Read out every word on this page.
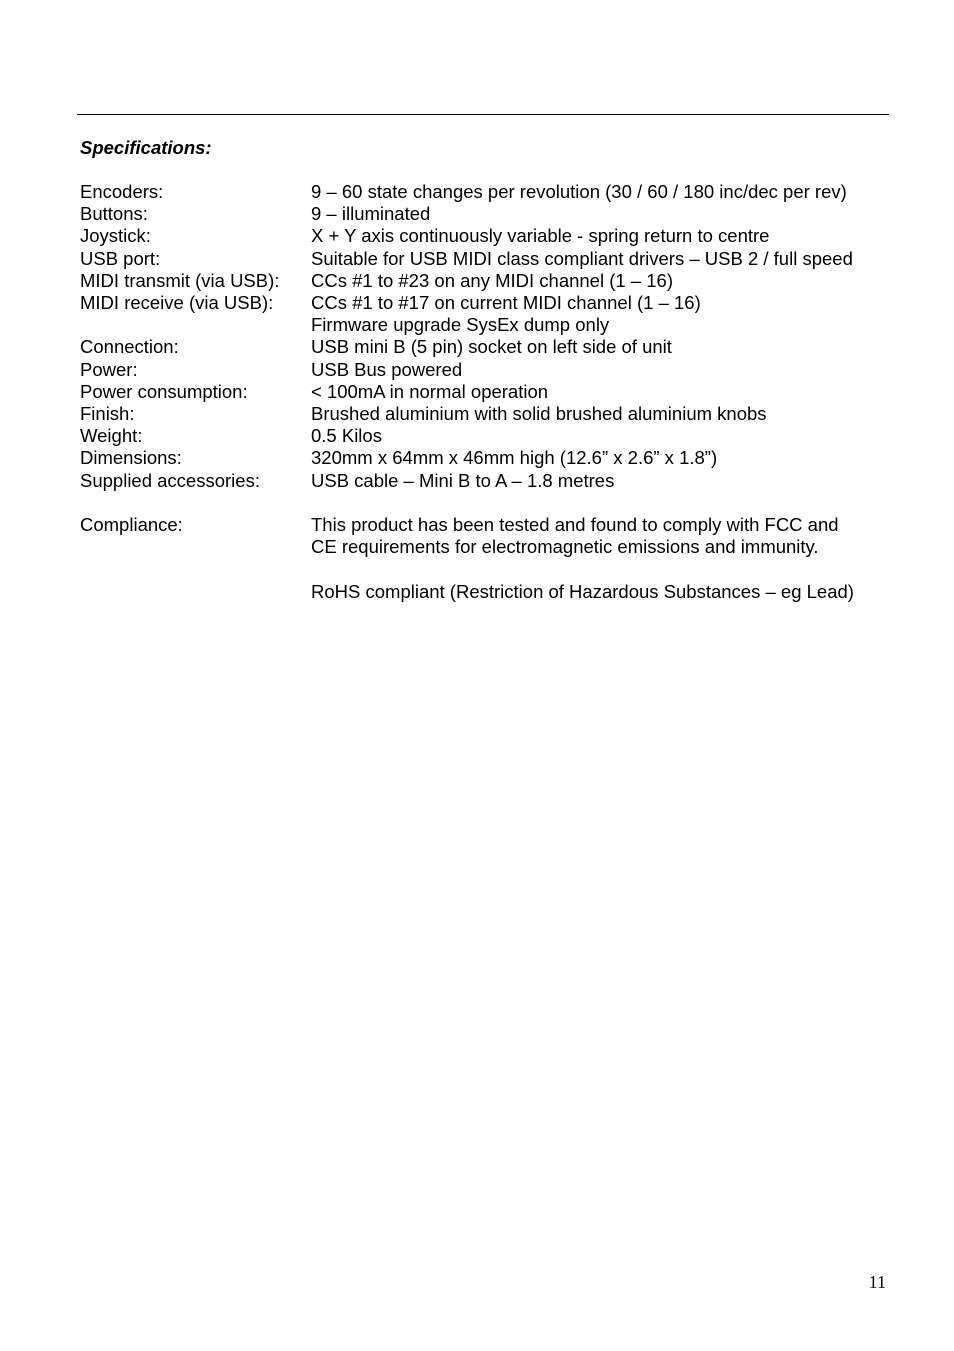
Specifications:
Encoders:	9 – 60 state changes per revolution (30 / 60 / 180 inc/dec per rev)
Buttons:	9 – illuminated
Joystick:	X + Y axis continuously variable - spring return to centre
USB port:	Suitable for USB MIDI class compliant drivers – USB 2 / full speed
MIDI transmit (via USB):	CCs #1 to #23 on any MIDI channel (1 – 16)
MIDI receive (via USB):	CCs #1 to #17 on current MIDI channel (1 – 16)
Firmware upgrade SysEx dump only
Connection:	USB mini B (5 pin) socket on left side of unit
Power:	USB Bus powered
Power consumption:	< 100mA in normal operation
Finish:	Brushed aluminium with solid brushed aluminium knobs
Weight:	0.5 Kilos
Dimensions:	320mm x 64mm x 46mm high (12.6” x 2.6” x 1.8”)
Supplied accessories:	USB cable – Mini B to A – 1.8 metres
Compliance:	This product has been tested and found to comply with FCC and
CE requirements for electromagnetic emissions and immunity.
RoHS compliant (Restriction of Hazardous Substances – eg Lead)
11
